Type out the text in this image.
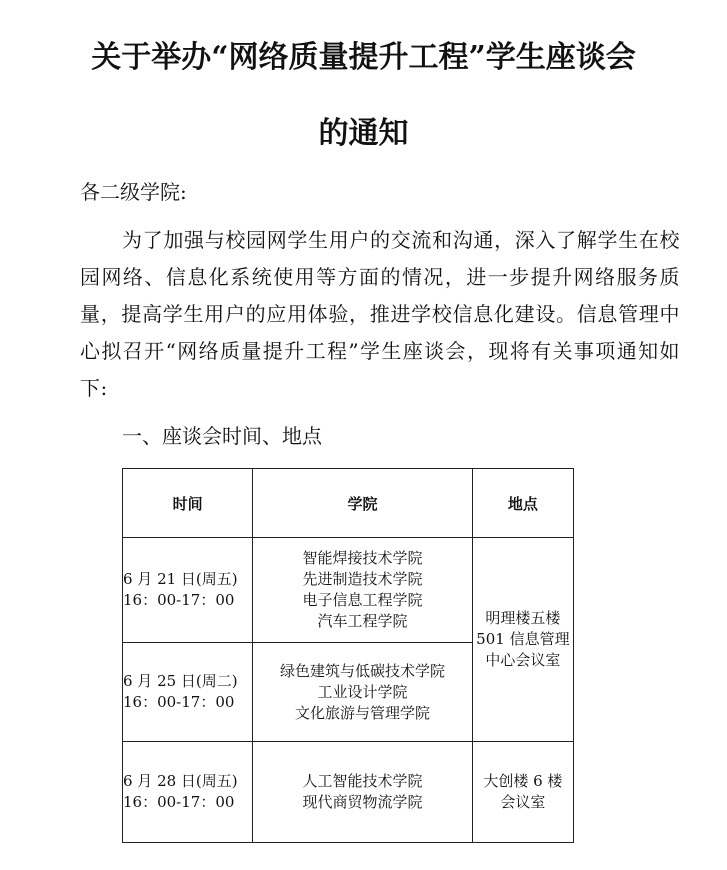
关于举办“网络质量提升工程”学生座谈会
的通知
各二级学院:
为了加强与校园网学生用户的交流和沟通，深入了解学生在校园网络、信息化系统使用等方面的情况，进一步提升网络服务质量，提高学生用户的应用体验，推进学校信息化建设。信息管理中心拟召开“网络质量提升工程”学生座谈会，现将有关事项通知如下:
一、座谈会时间、地点
时间	学院	地点

6 月 21 日(周五)
16：00-17：00	智能焊接技术学院
先进制造技术学院
电子信息工程学院
汽车工程学院	明理楼五楼
501 信息管理
中心会议室

6 月 25 日(周二)
16：00-17：00	绿色建筑与低碳技术学院
工业设计学院
文化旅游与管理学院	

6 月 28 日(周五)
16：00-17：00	人工智能技术学院
现代商贸物流学院	大创楼 6 楼
会议室
